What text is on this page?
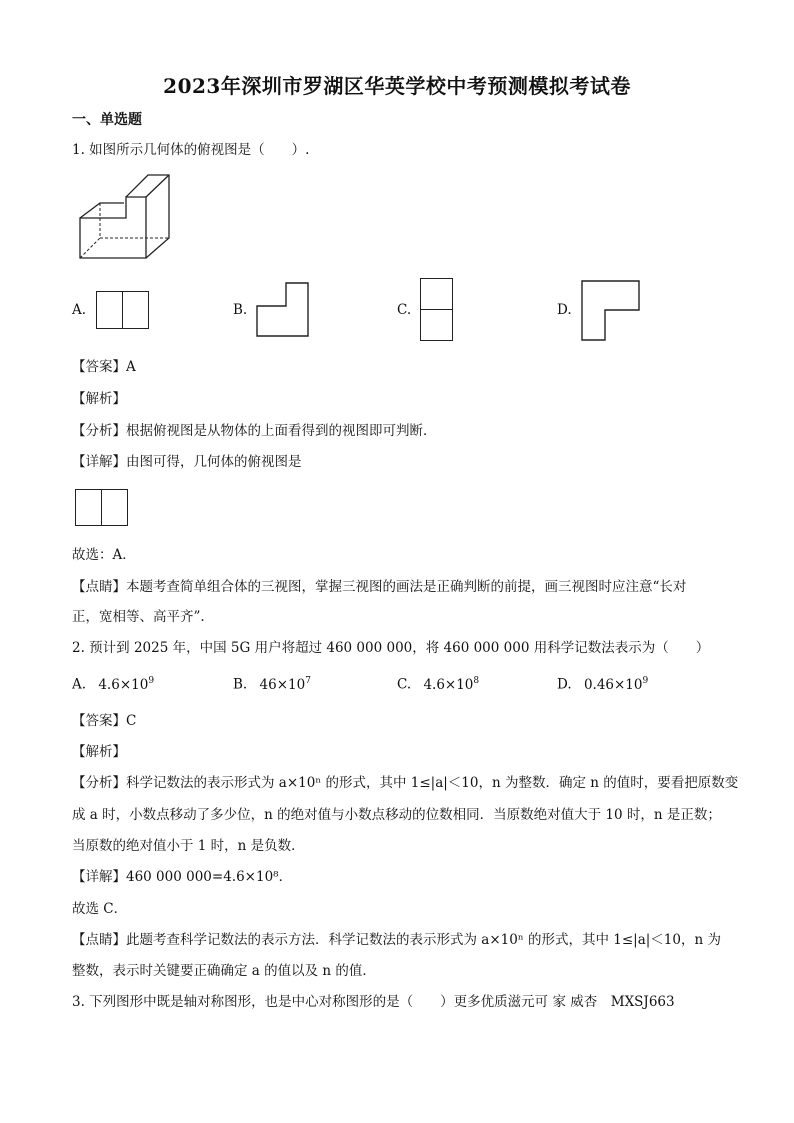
2023年深圳市罗湖区华英学校中考预测模拟考试卷
一、单选题
1. 如图所示几何体的俯视图是（　　）.
A.	B.	C.	D.
【答案】A
【解析】
【分析】根据俯视图是从物体的上面看得到的视图即可判断．
【详解】由图可得，几何体的俯视图是
故选：A．
【点睛】本题考查简单组合体的三视图，掌握三视图的画法是正确判断的前提，画三视图时应注意“长对
正，宽相等、高平齐”.
2. 预计到 2025 年，中国 5G 用户将超过 460 000 000，将 460 000 000 用科学记数法表示为（　　）
A. $4.6\times 10^9$	B. $46\times 10^7$	C. $4.6\times 10^8$	D. $0.46\times 10^9$
【答案】C
【解析】
【分析】科学记数法的表示形式为 a×10ⁿ 的形式，其中 1≤|a|＜10，n 为整数．确定 n 的值时，要看把原数变
成 a 时，小数点移动了多少位，n 的绝对值与小数点移动的位数相同．当原数绝对值大于 10 时，n 是正数；
当原数的绝对值小于 1 时，n 是负数．
【详解】460 000 000=4.6×10⁸．
故选 C．
【点睛】此题考查科学记数法的表示方法．科学记数法的表示形式为 a×10ⁿ 的形式，其中 1≤|a|＜10，n 为
整数，表示时关键要正确确定 a 的值以及 n 的值．
3. 下列图形中既是轴对称图形，也是中心对称图形的是（　　）更多优质滋元可 家 威杏　MXSJ663
